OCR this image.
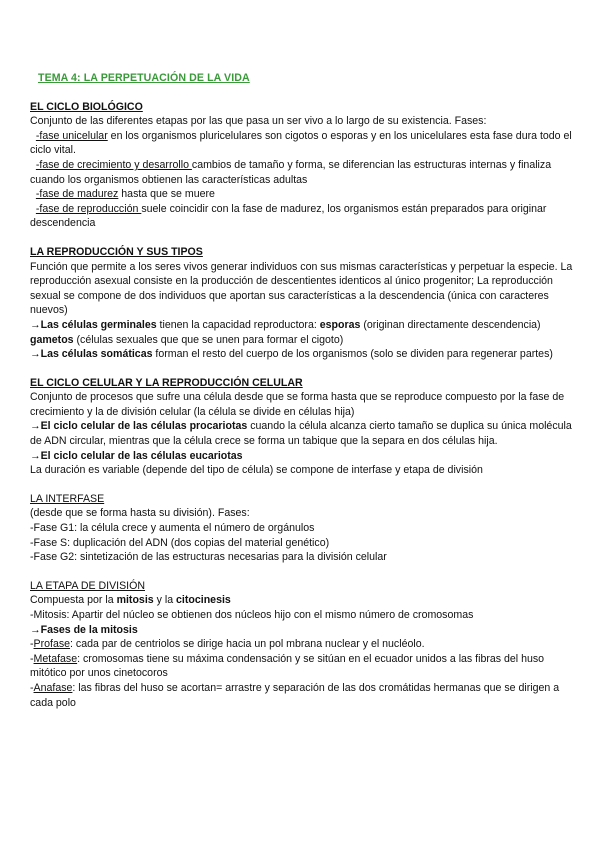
TEMA 4: LA PERPETUACIÓN DE LA VIDA
EL CICLO BIOLÓGICO

Conjunto de las diferentes etapas por las que pasa un ser vivo a lo largo de su existencia. Fases:

-fase unicelular en los organismos pluricelulares son cigotos o esporas y en los unicelulares esta fase dura todo el ciclo vital.

-fase de crecimiento y desarrollo cambios de tamaño y forma, se diferencian las estructuras internas y finaliza cuando los organismos obtienen las características adultas

-fase de madurez hasta que se muere

-fase de reproducción suele coincidir con la fase de madurez, los organismos están preparados para originar descendencia

LA REPRODUCCIÓN Y SUS TIPOS

Función que permite a los seres vivos generar individuos con sus mismas características y perpetuar la especie. La reproducción asexual consiste en la producción de descentientes identicos al único progenitor; La reproducción sexual se compone de dos individuos que aportan sus características a la descendencia (única con caracteres nuevos)

→Las células germinales tienen la capacidad reproductora: esporas (originan directamente descendencia) gametos (células sexuales que que se unen para formar el cigoto)

→Las células somáticas forman el resto del cuerpo de los organismos (solo se dividen para regenerar partes)

EL CICLO CELULAR Y LA REPRODUCCIÓN CELULAR

Conjunto de procesos que sufre una célula desde que se forma hasta que se reproduce compuesto por la fase de crecimiento y la de división celular (la célula se divide en células hija)

→El ciclo celular de las células procariotas cuando la célula alcanza cierto tamaño se duplica su única molécula de ADN circular, mientras que la célula crece se forma un tabique que la separa en dos células hija.

→El ciclo celular de las células eucariotas

La duración es variable (depende del tipo de célula) se compone de interfase y etapa de división

LA INTERFASE

(desde que se forma hasta su división). Fases:

-Fase G1: la célula crece y aumenta el número de orgánulos

-Fase S: duplicación del ADN (dos copias del material genético)

-Fase G2: sintetización de las estructuras necesarias para la división celular

LA ETAPA DE DIVISIÓN

Compuesta por la mitosis y la citocinesis

-Mitosis: Apartir del núcleo se obtienen dos núcleos hijo con el mismo número de cromosomas

→Fases de la mitosis

-Profase: cada par de centriolos se dirige hacia un pol mbrana nuclear y el nucléolo.

-Metafase: cromosomas tiene su máxima condensación y se sitúan en el ecuador unidos a las fibras del huso mitótico por unos cinetocoros

-Anafase: las fibras del huso se acortan= arrastre y separación de las dos cromátidas hermanas que se dirigen a cada polo
